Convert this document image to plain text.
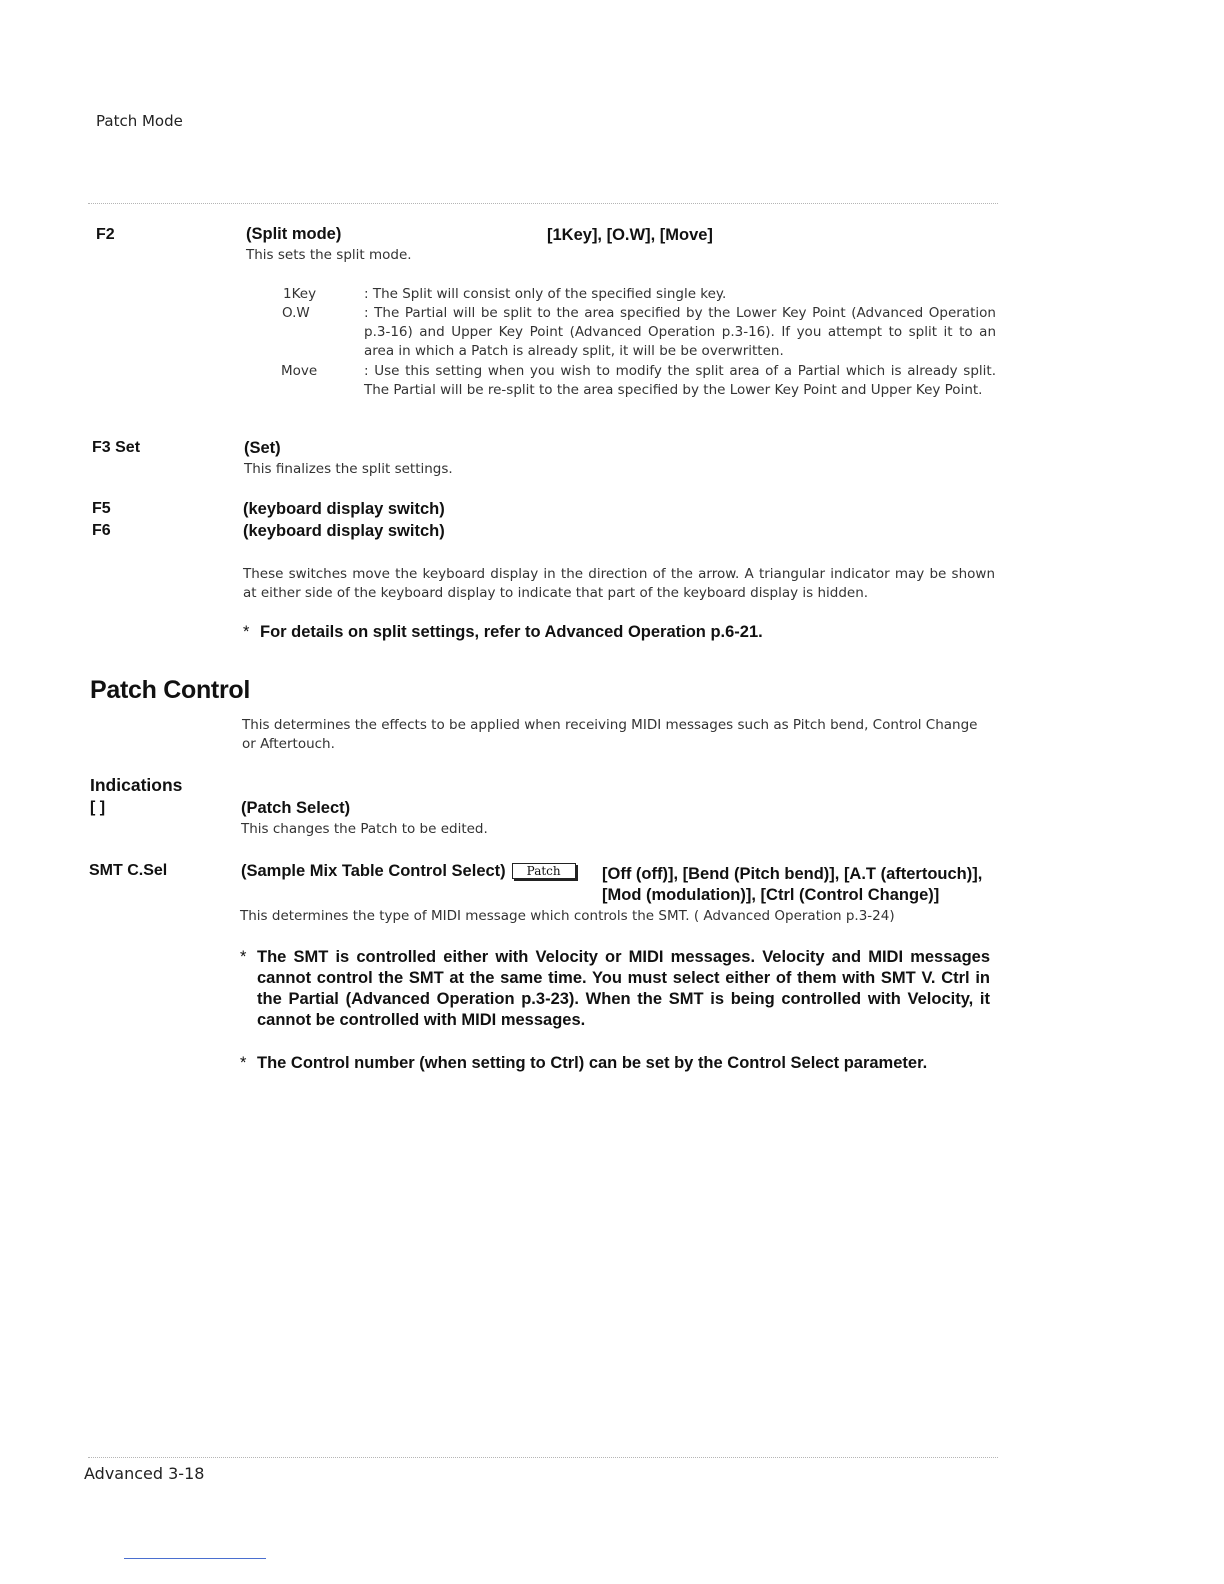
Patch Mode
F2	(Split mode)	[1Key], [O.W], [Move]
This sets the split mode.
1Key	: The Split will consist only of the specified single key.
O.W	: The Partial will be split to the area specified by the Lower Key Point (Advanced Operation p.3-16) and Upper Key Point (Advanced Operation p.3-16). If you attempt to split it to an area in which a Patch is already split, it will be be overwritten.
Move	: Use this setting when you wish to modify the split area of a Partial which is already split. The Partial will be re-split to the area specified by the Lower Key Point and Upper Key Point.
F3 Set	(Set)
This finalizes the split settings.
F5	(keyboard display switch)
F6	(keyboard display switch)
These switches move the keyboard display in the direction of the arrow. A triangular indicator may be shown at either side of the keyboard display to indicate that part of the keyboard display is hidden.
* For details on split settings, refer to Advanced Operation p.6-21.
Patch Control
This determines the effects to be applied when receiving MIDI messages such as Pitch bend, Control Change or Aftertouch.
Indications
[ ]	(Patch Select)
This changes the Patch to be edited.
SMT C.Sel	(Sample Mix Table Control Select) Patch	[Off (off)], [Bend (Pitch bend)], [A.T (aftertouch)],
[Mod (modulation)], [Ctrl (Control Change)]
This determines the type of MIDI message which controls the SMT. ( Advanced Operation p.3-24)
* The SMT is controlled either with Velocity or MIDI messages. Velocity and MIDI messages cannot control the SMT at the same time. You must select either of them with SMT V. Ctrl in the Partial (Advanced Operation p.3-23). When the SMT is being controlled with Velocity, it cannot be controlled with MIDI messages.
* The Control number (when setting to Ctrl) can be set by the Control Select parameter.
Advanced 3-18
